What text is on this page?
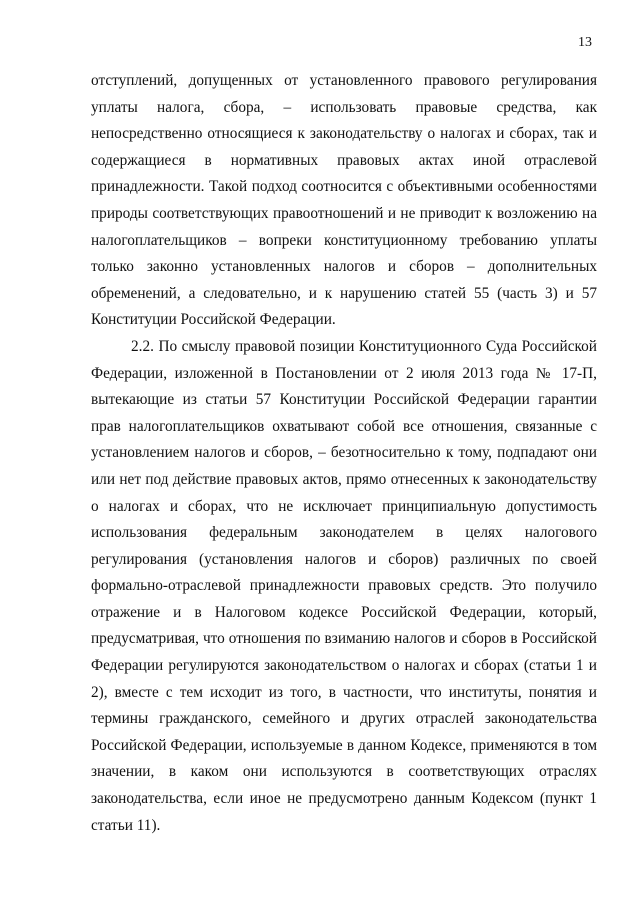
13

отступлений, допущенных от установленного правового регулирования уплаты налога, сбора, – использовать правовые средства, как непосредственно относящиеся к законодательству о налогах и сборах, так и содержащиеся в нормативных правовых актах иной отраслевой принадлежности. Такой подход соотносится с объективными особенностями природы соответствующих правоотношений и не приводит к возложению на налогоплательщиков – вопреки конституционному требованию уплаты только законно установленных налогов и сборов – дополнительных обременений, а следовательно, и к нарушению статей 55 (часть 3) и 57 Конституции Российской Федерации.

2.2. По смыслу правовой позиции Конституционного Суда Российской Федерации, изложенной в Постановлении от 2 июля 2013 года № 17-П, вытекающие из статьи 57 Конституции Российской Федерации гарантии прав налогоплательщиков охватывают собой все отношения, связанные с установлением налогов и сборов, – безотносительно к тому, подпадают они или нет под действие правовых актов, прямо отнесенных к законодательству о налогах и сборах, что не исключает принципиальную допустимость использования федеральным законодателем в целях налогового регулирования (установления налогов и сборов) различных по своей формально-отраслевой принадлежности правовых средств. Это получило отражение и в Налоговом кодексе Российской Федерации, который, предусматривая, что отношения по взиманию налогов и сборов в Российской Федерации регулируются законодательством о налогах и сборах (статьи 1 и 2), вместе с тем исходит из того, в частности, что институты, понятия и термины гражданского, семейного и других отраслей законодательства Российской Федерации, используемые в данном Кодексе, применяются в том значении, в каком они используются в соответствующих отраслях законодательства, если иное не предусмотрено данным Кодексом (пункт 1 статьи 11).
